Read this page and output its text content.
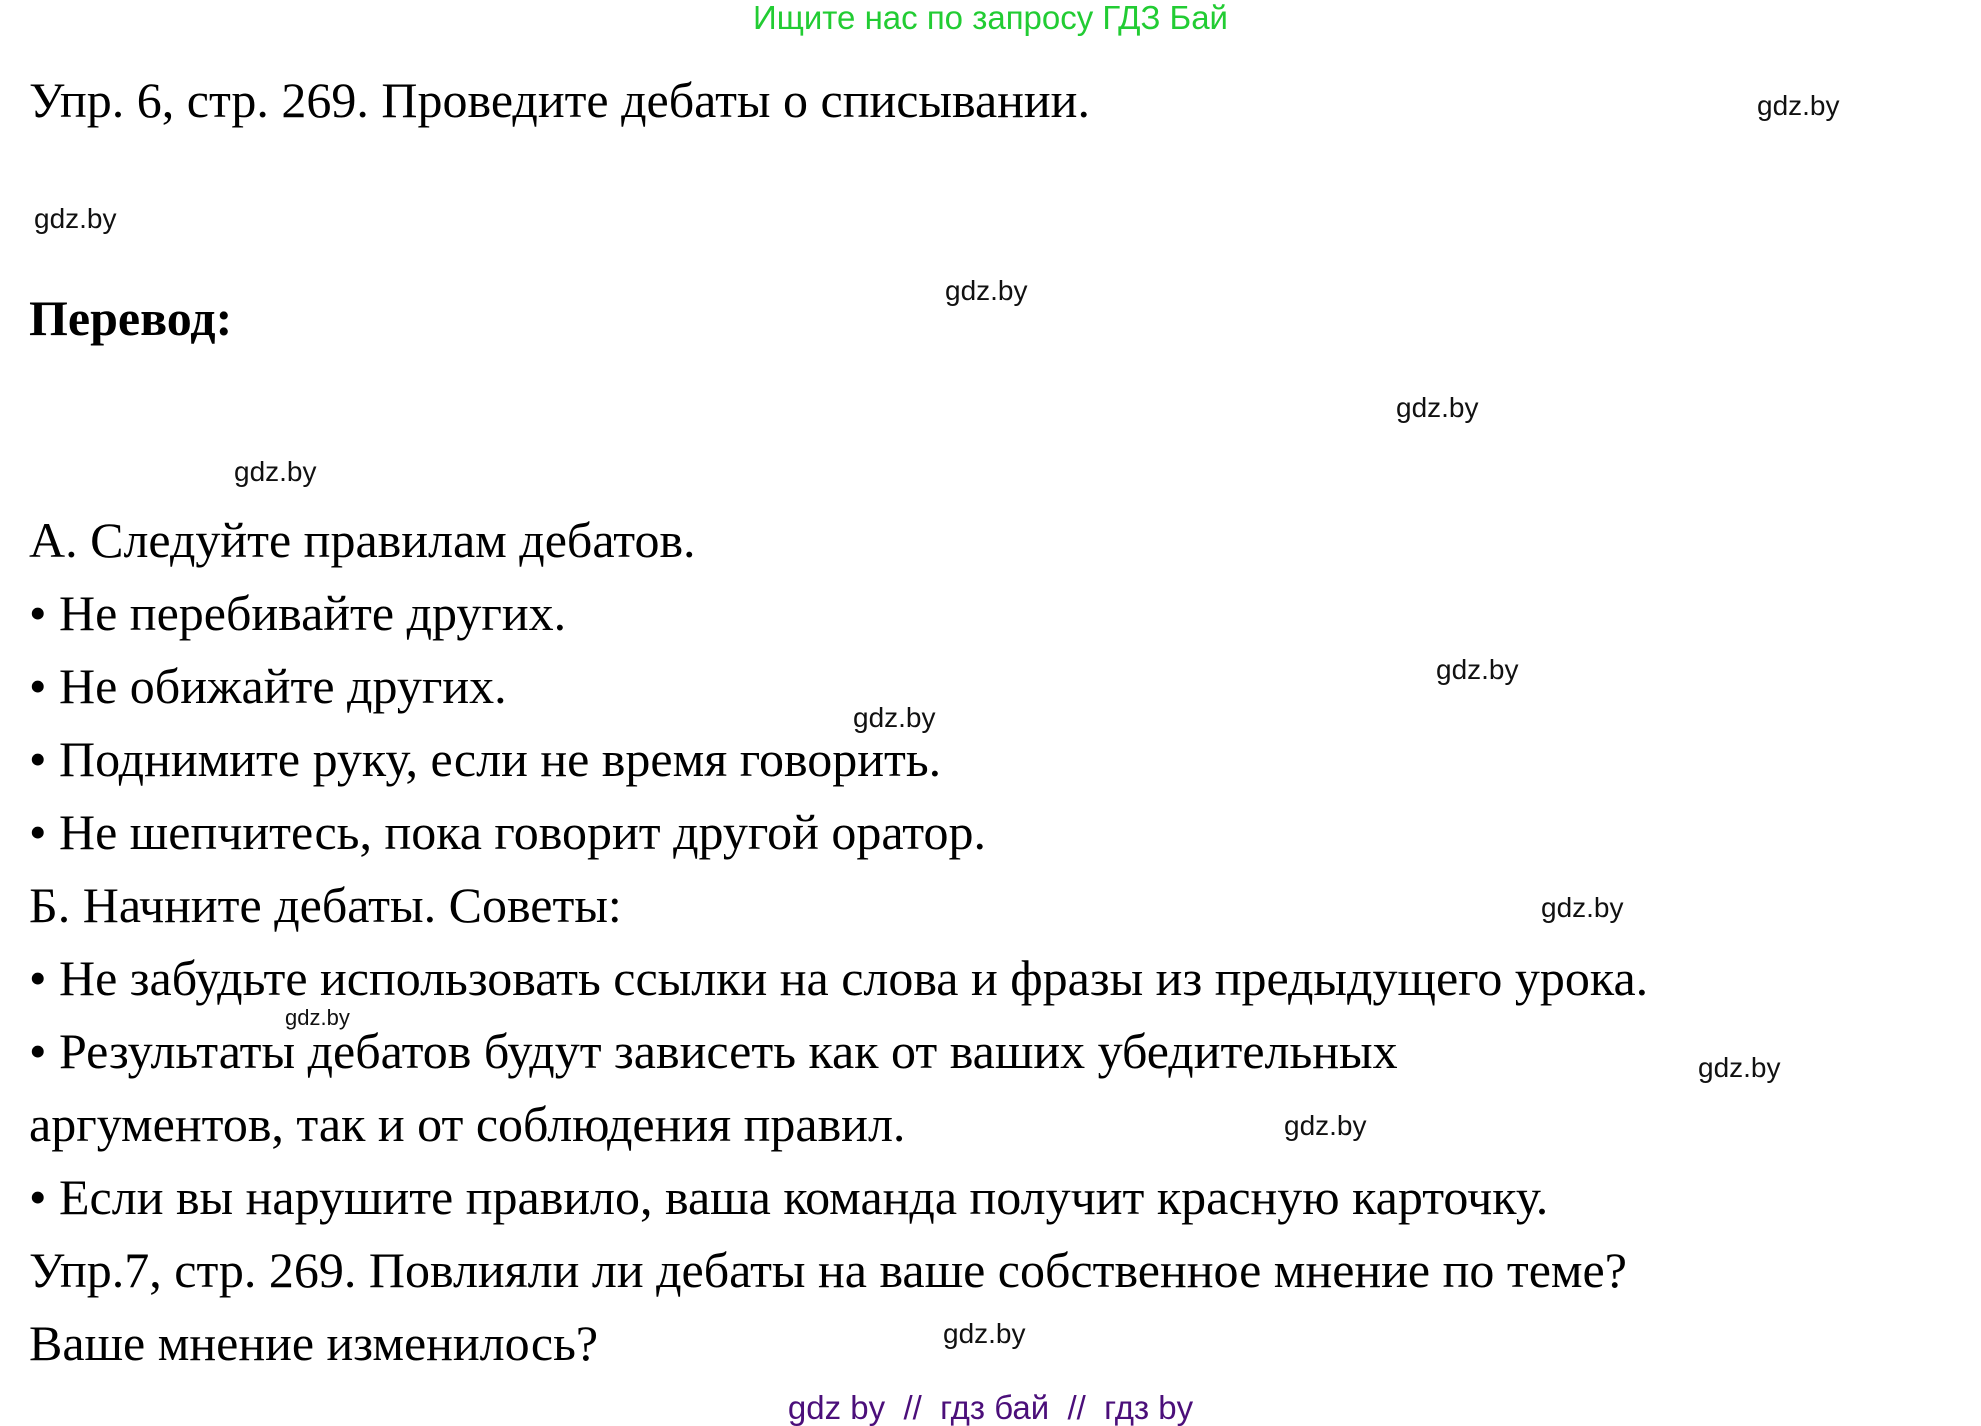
Ищите нас по запросу ГДЗ Бай
Упр. 6, стр. 269. Проведите дебаты о списывании.
Перевод:
А. Следуйте правилам дебатов.
• Не перебивайте других.
• Не обижайте других.
• Поднимите руку, если не время говорить.
• Не шепчитесь, пока говорит другой оратор.
Б. Начните дебаты. Советы:
• Не забудьте использовать ссылки на слова и фразы из предыдущего урока.
• Результаты дебатов будут зависеть как от ваших убедительных
аргументов, так и от соблюдения правил.
• Если вы нарушите правило, ваша команда получит красную карточку.
Упр.7, стр. 269. Повлияли ли дебаты на ваше собственное мнение по теме?
Ваше мнение изменилось?
gdz.by
gdz.by
gdz.by
gdz.by
gdz.by
gdz.by
gdz.by
gdz.by
gdz.by
gdz.by
gdz.by
gdz.by
gdz by  //  гдз бай  //  гдз by
